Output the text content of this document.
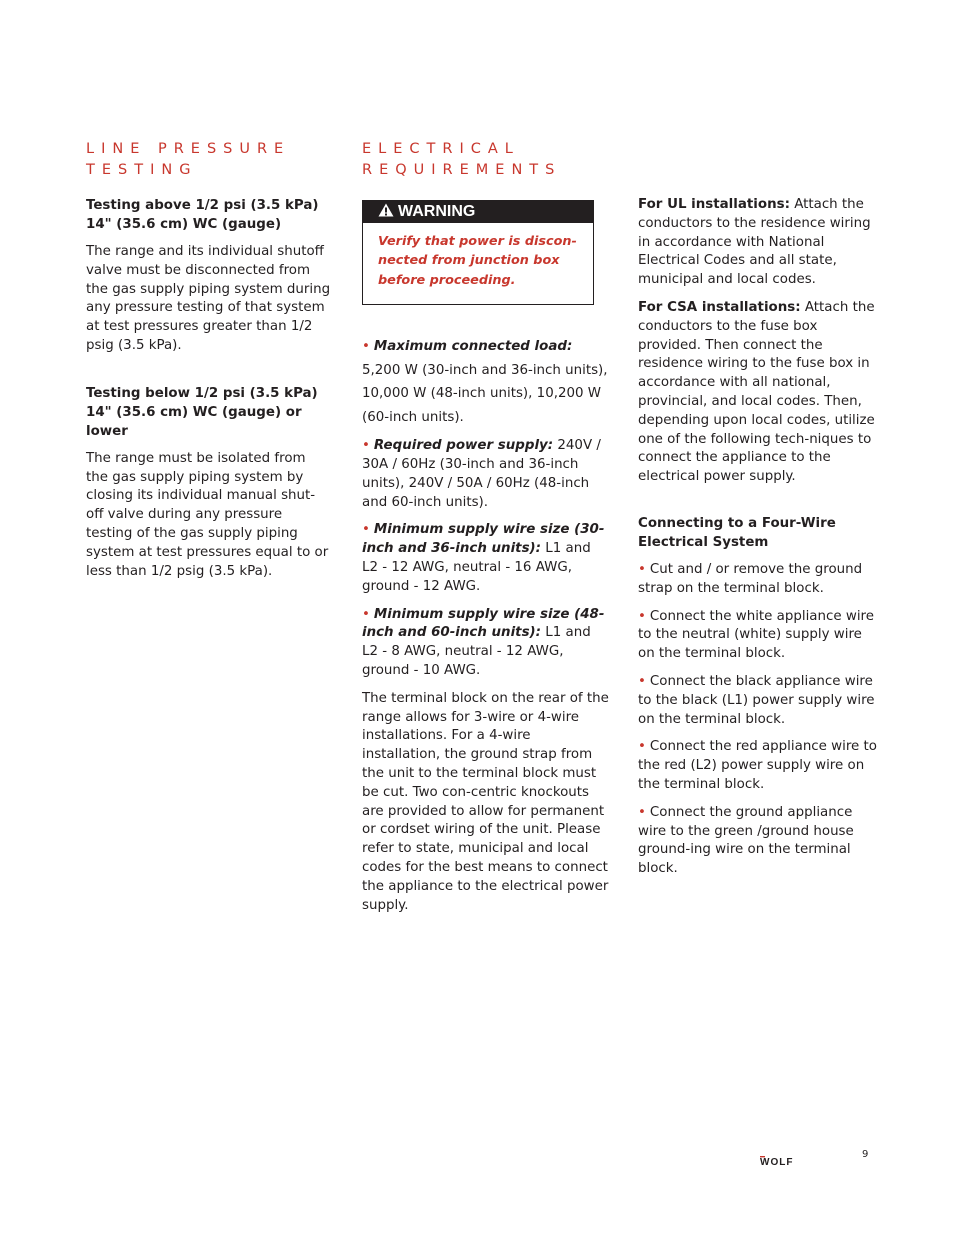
LINE PRESSURE
TESTING

Testing above 1/2 psi (3.5 kPa) 14" (35.6 cm) WC (gauge)

The range and its individual shutoff valve must be disconnected from the gas supply piping system during any pressure testing of that system at test pressures greater than 1/2 psig (3.5 kPa).

Testing below 1/2 psi (3.5 kPa) 14" (35.6 cm) WC (gauge) or lower

The range must be isolated from the gas supply piping system by closing its individual manual shut-off valve during any pressure testing of the gas supply piping system at test pressures equal to or less than 1/2 psig (3.5 kPa).

ELECTRICAL
REQUIREMENTS
WARNING

Verify that power is discon-nected from junction box before proceeding.

• Maximum connected load:

5,200 W (30-inch and 36-inch units), 10,000 W (48-inch units), 10,200 W (60-inch units).

• Required power supply: 240V / 30A / 60Hz (30-inch and 36-inch units), 240V / 50A / 60Hz (48-inch and 60-inch units).

• Minimum supply wire size (30-inch and 36-inch units): L1 and L2 - 12 AWG, neutral - 16 AWG, ground - 12 AWG.

• Minimum supply wire size (48-inch and 60-inch units): L1 and L2 - 8 AWG, neutral - 12 AWG, ground - 10 AWG.

The terminal block on the rear of the range allows for 3-wire or 4-wire installations. For a 4-wire installation, the ground strap from the unit to the terminal block must be cut. Two con-centric knockouts are provided to allow for permanent or cordset wiring of the unit. Please refer to state, municipal and local codes for the best means to connect the appliance to the electrical power supply.

For UL installations: Attach the conductors to the residence wiring in accordance with National Electrical Codes and all state, municipal and local codes.

For CSA installations: Attach the conductors to the fuse box provided. Then connect the residence wiring to the fuse box in accordance with all national, provincial, and local codes. Then, depending upon local codes, utilize one of the following tech-niques to connect the appliance to the electrical power supply.

Connecting to a Four-Wire Electrical System

• Cut and / or remove the ground strap on the terminal block.

• Connect the white appliance wire to the neutral (white) supply wire on the terminal block.

• Connect the black appliance wire to the black (L1) power supply wire on the terminal block.

• Connect the red appliance wire to the red (L2) power supply wire on the terminal block.

• Connect the ground appliance wire to the green /ground house ground-ing wire on the terminal block.

WOLF
9
